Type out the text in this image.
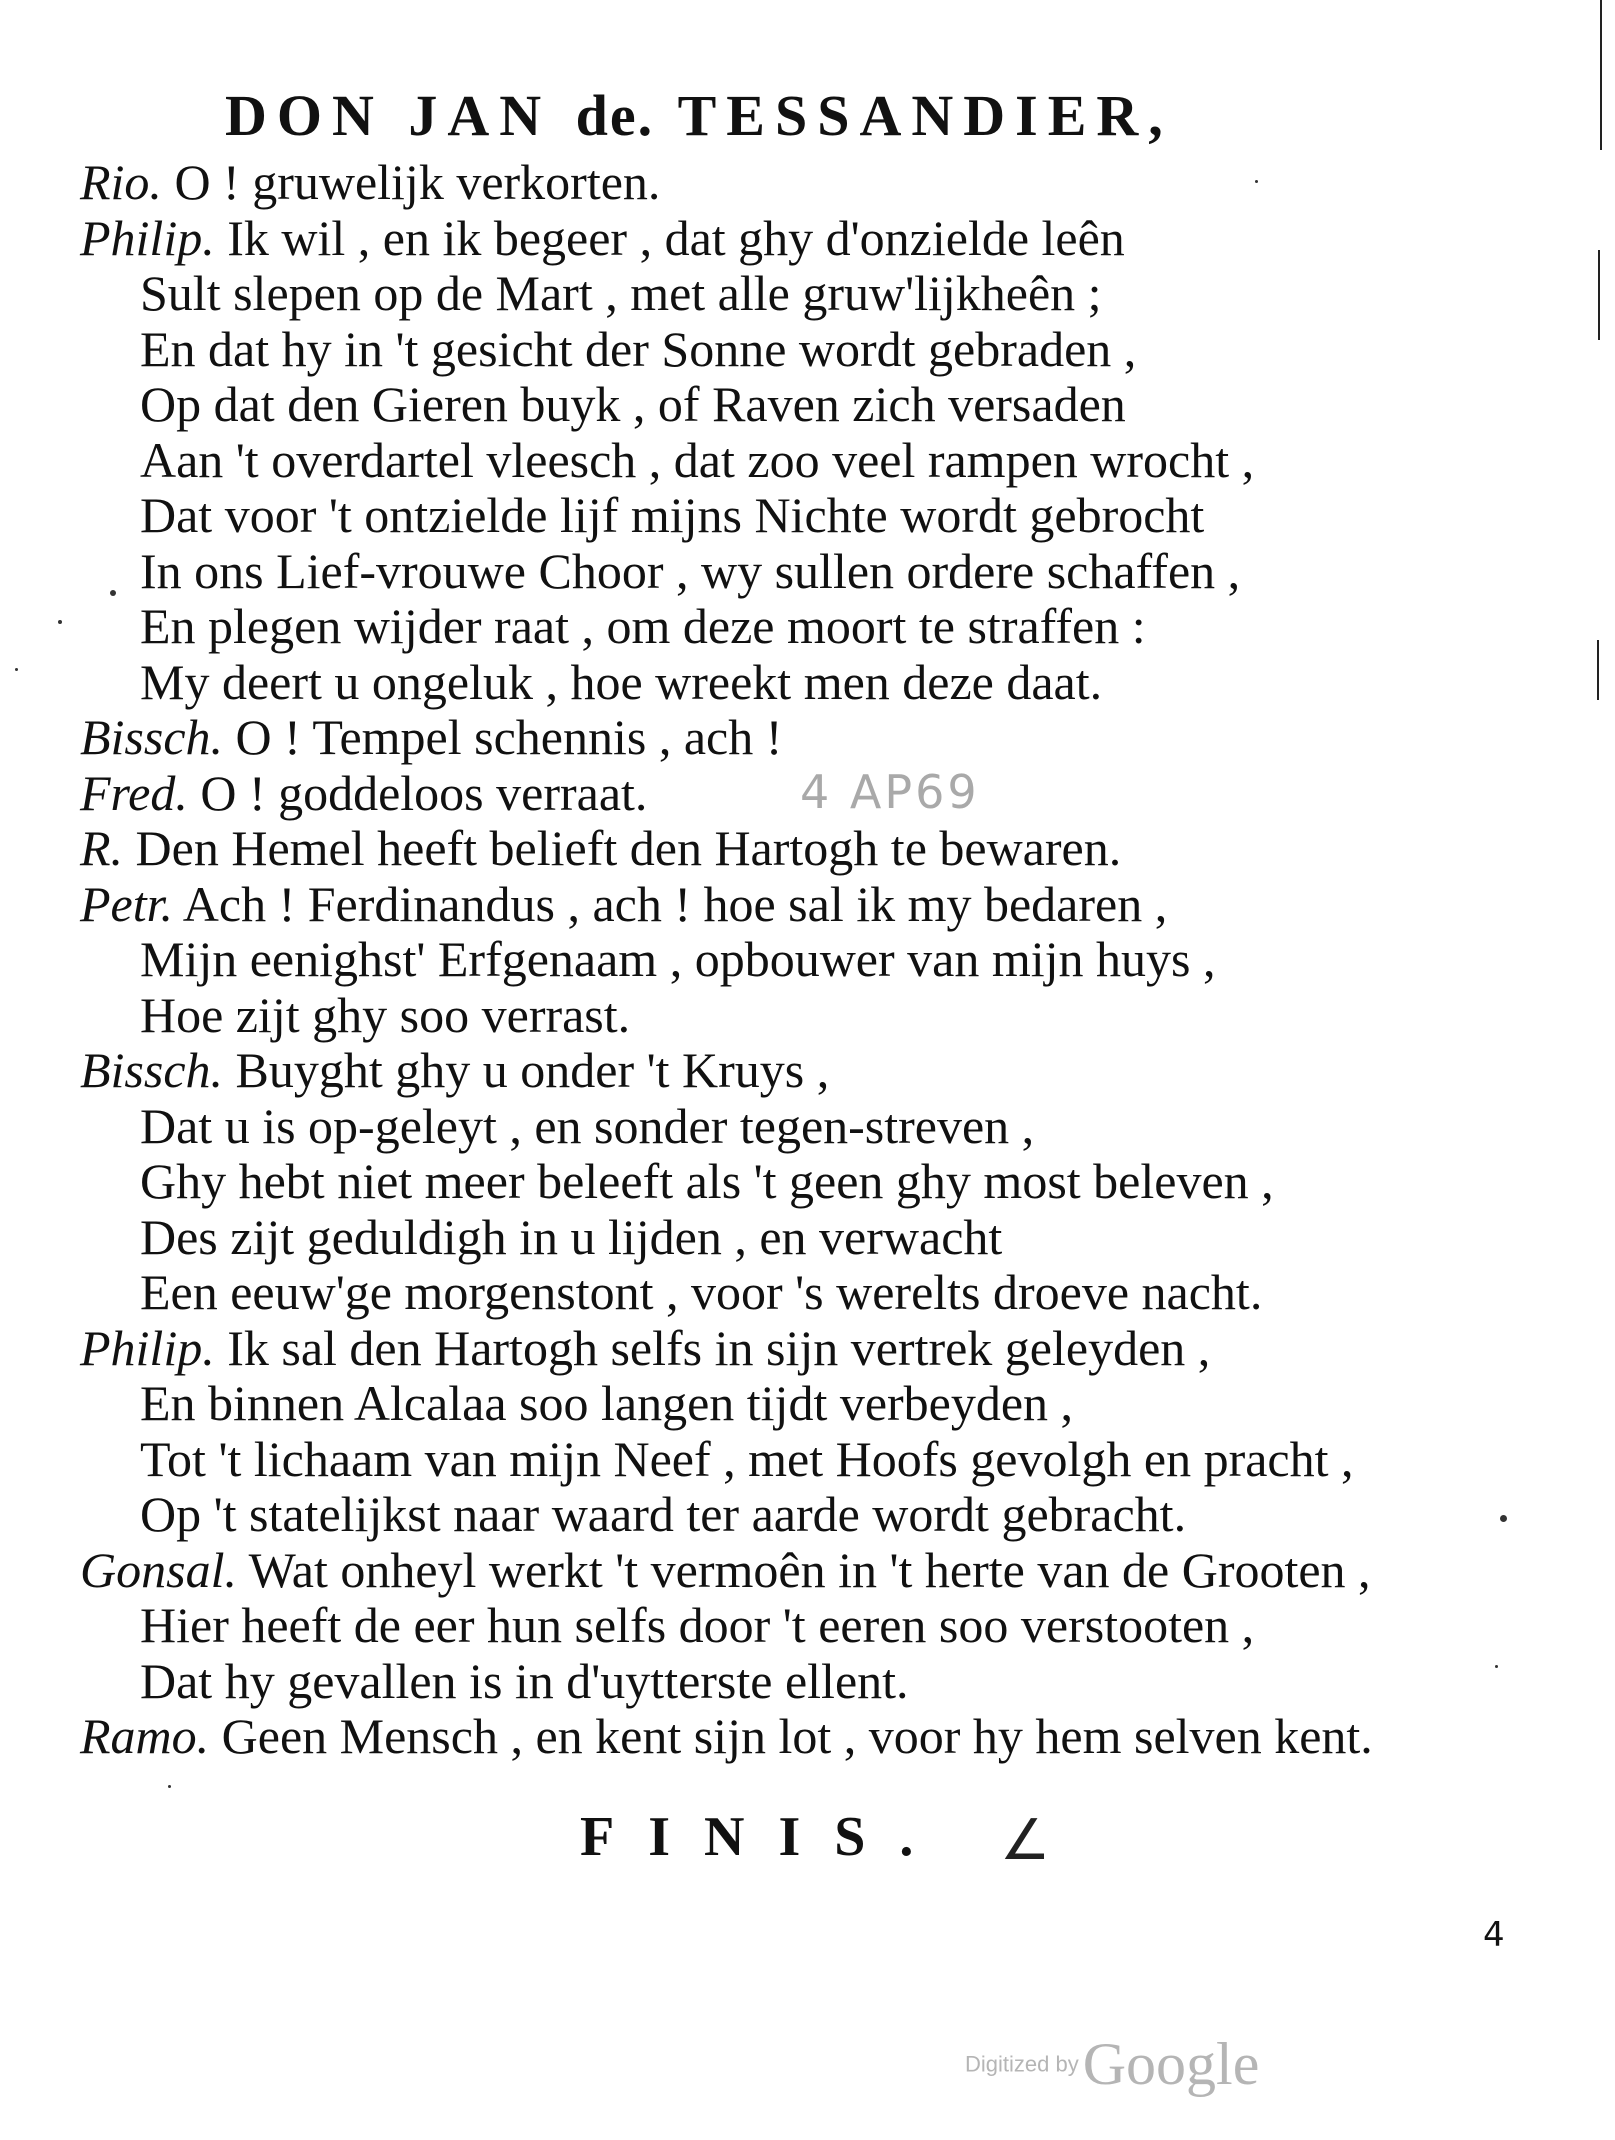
DON JAN de. TESSANDIER,
Rio. O ! gruwelijk verkorten.
Philip. Ik wil , en ik begeer , dat ghy d'onzielde leên
Sult slepen op de Mart , met alle gruw'lijkheên ;
En dat hy in 't gesicht der Sonne wordt gebraden ,
Op dat den Gieren buyk , of Raven zich versaden
Aan 't overdartel vleesch , dat zoo veel rampen wrocht ,
Dat voor 't ontzielde lijf mijns Nichte wordt gebrocht
In ons Lief-vrouwe Choor , wy sullen ordere schaffen ,
En plegen wijder raat , om deze moort te straffen :
My deert u ongeluk , hoe wreekt men deze daat.
Bissch. O ! Tempel schennis , ach !
Fred. O ! goddeloos verraat.
R. Den Hemel heeft belieft den Hartogh te bewaren.
Petr. Ach ! Ferdinandus , ach ! hoe sal ik my bedaren ,
Mijn eenighst' Erfgenaam , opbouwer van mijn huys ,
Hoe zijt ghy soo verrast.
Bissch. Buyght ghy u onder 't Kruys ,
Dat u is op-geleyt , en sonder tegen-streven ,
Ghy hebt niet meer beleeft als 't geen ghy most beleven ,
Des zijt geduldigh in u lijden , en verwacht
Een eeuw'ge morgenstont , voor 's werelts droeve nacht.
Philip. Ik sal den Hartogh selfs in sijn vertrek geleyden ,
En binnen Alcalaa soo langen tijdt verbeyden ,
Tot 't lichaam van mijn Neef , met Hoofs gevolgh en pracht ,
Op 't statelijkst naar waard ter aarde wordt gebracht.
Gonsal. Wat onheyl werkt 't vermoên in 't herte van de Grooten ,
Hier heeft de eer hun selfs door 't eeren soo verstooten ,
Dat hy gevallen is in d'uytterste ellent.
Ramo. Geen Mensch , en kent sijn lot , voor hy hem selven kent.
4 AP69
FINIS. ∠
4
Digitized by Google
